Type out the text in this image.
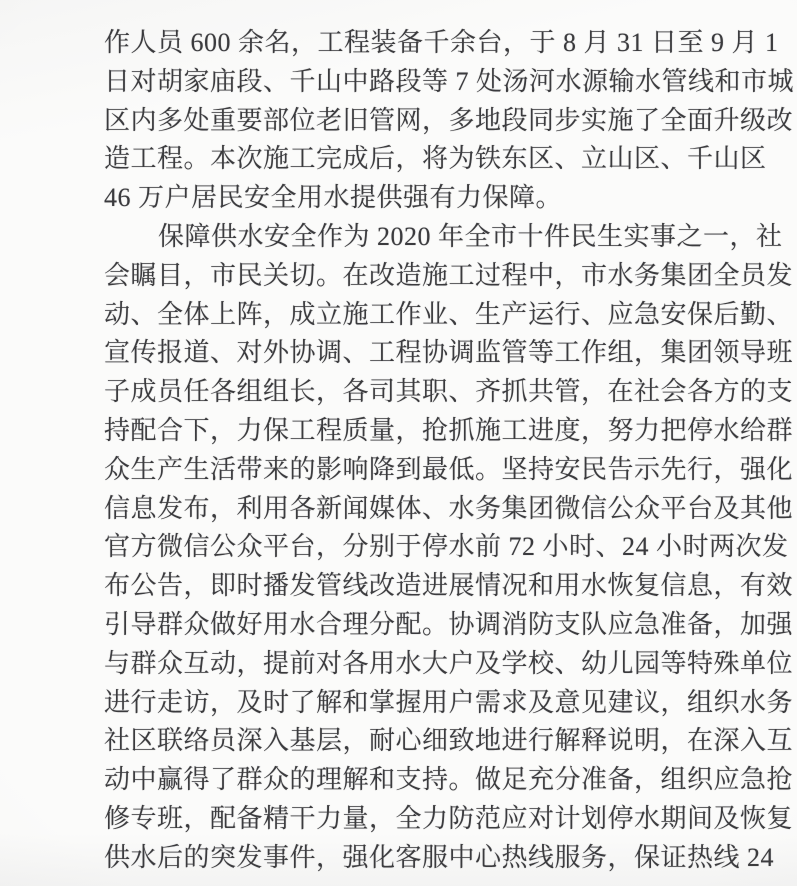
作人员 600 余名，工程装备千余台，于 8 月 31 日至 9 月 1
日对胡家庙段、千山中路段等 7 处汤河水源输水管线和市城
区内多处重要部位老旧管网，多地段同步实施了全面升级改
造工程。本次施工完成后，将为铁东区、立山区、千山区
46 万户居民安全用水提供强有力保障。
保障供水安全作为 2020 年全市十件民生实事之一，社
会瞩目，市民关切。在改造施工过程中，市水务集团全员发
动、全体上阵，成立施工作业、生产运行、应急安保后勤、
宣传报道、对外协调、工程协调监管等工作组，集团领导班
子成员任各组组长，各司其职、齐抓共管，在社会各方的支
持配合下，力保工程质量，抢抓施工进度，努力把停水给群
众生产生活带来的影响降到最低。坚持安民告示先行，强化
信息发布，利用各新闻媒体、水务集团微信公众平台及其他
官方微信公众平台，分别于停水前 72 小时、24 小时两次发
布公告，即时播发管线改造进展情况和用水恢复信息，有效
引导群众做好用水合理分配。协调消防支队应急准备，加强
与群众互动，提前对各用水大户及学校、幼儿园等特殊单位
进行走访，及时了解和掌握用户需求及意见建议，组织水务
社区联络员深入基层，耐心细致地进行解释说明，在深入互
动中赢得了群众的理解和支持。做足充分准备，组织应急抢
修专班，配备精干力量，全力防范应对计划停水期间及恢复
供水后的突发事件，强化客服中心热线服务，保证热线 24
